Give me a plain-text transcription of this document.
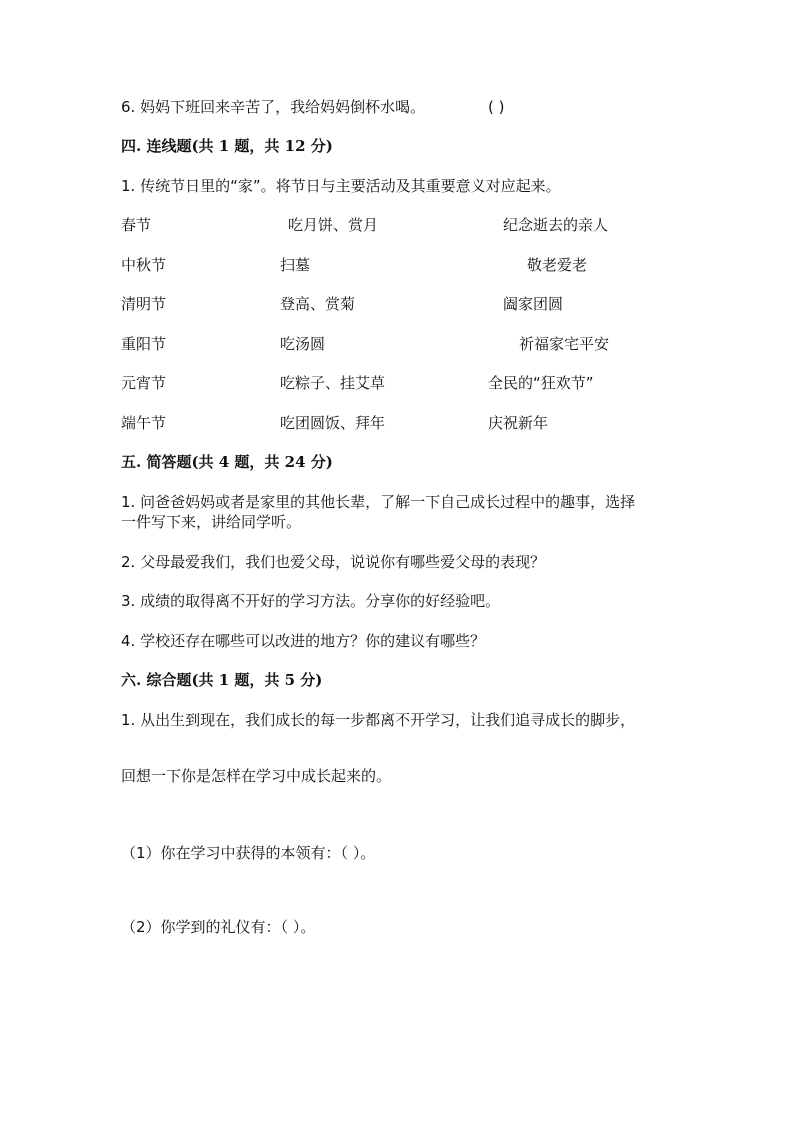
6. 妈妈下班回来辛苦了，我给妈妈倒杯水喝。	( )
四. 连线题(共 1 题，共 12 分)
1. 传统节日里的“家”。将节日与主要活动及其重要意义对应起来。
春节
中秋节
清明节
重阳节
元宵节
端午节
吃月饼、赏月
扫墓
登高、赏菊
吃汤圆
吃粽子、挂艾草
吃团圆饭、拜年
纪念逝去的亲人
敬老爱老
阖家团圆
祈福家宅平安
全民的“狂欢节”
庆祝新年
五. 简答题(共 4 题，共 24 分)
1. 问爸爸妈妈或者是家里的其他长辈，了解一下自己成长过程中的趣事，选择
一件写下来，讲给同学听。
2. 父母最爱我们，我们也爱父母，说说你有哪些爱父母的表现？
3. 成绩的取得离不开好的学习方法。分享你的好经验吧。
4. 学校还存在哪些可以改进的地方？你的建议有哪些？
六. 综合题(共 1 题，共 5 分)
1. 从出生到现在，我们成长的每一步都离不开学习，让我们追寻成长的脚步，
回想一下你是怎样在学习中成长起来的。
（1）你在学习中获得的本领有：（ ）。
（2）你学到的礼仪有：（ ）。
